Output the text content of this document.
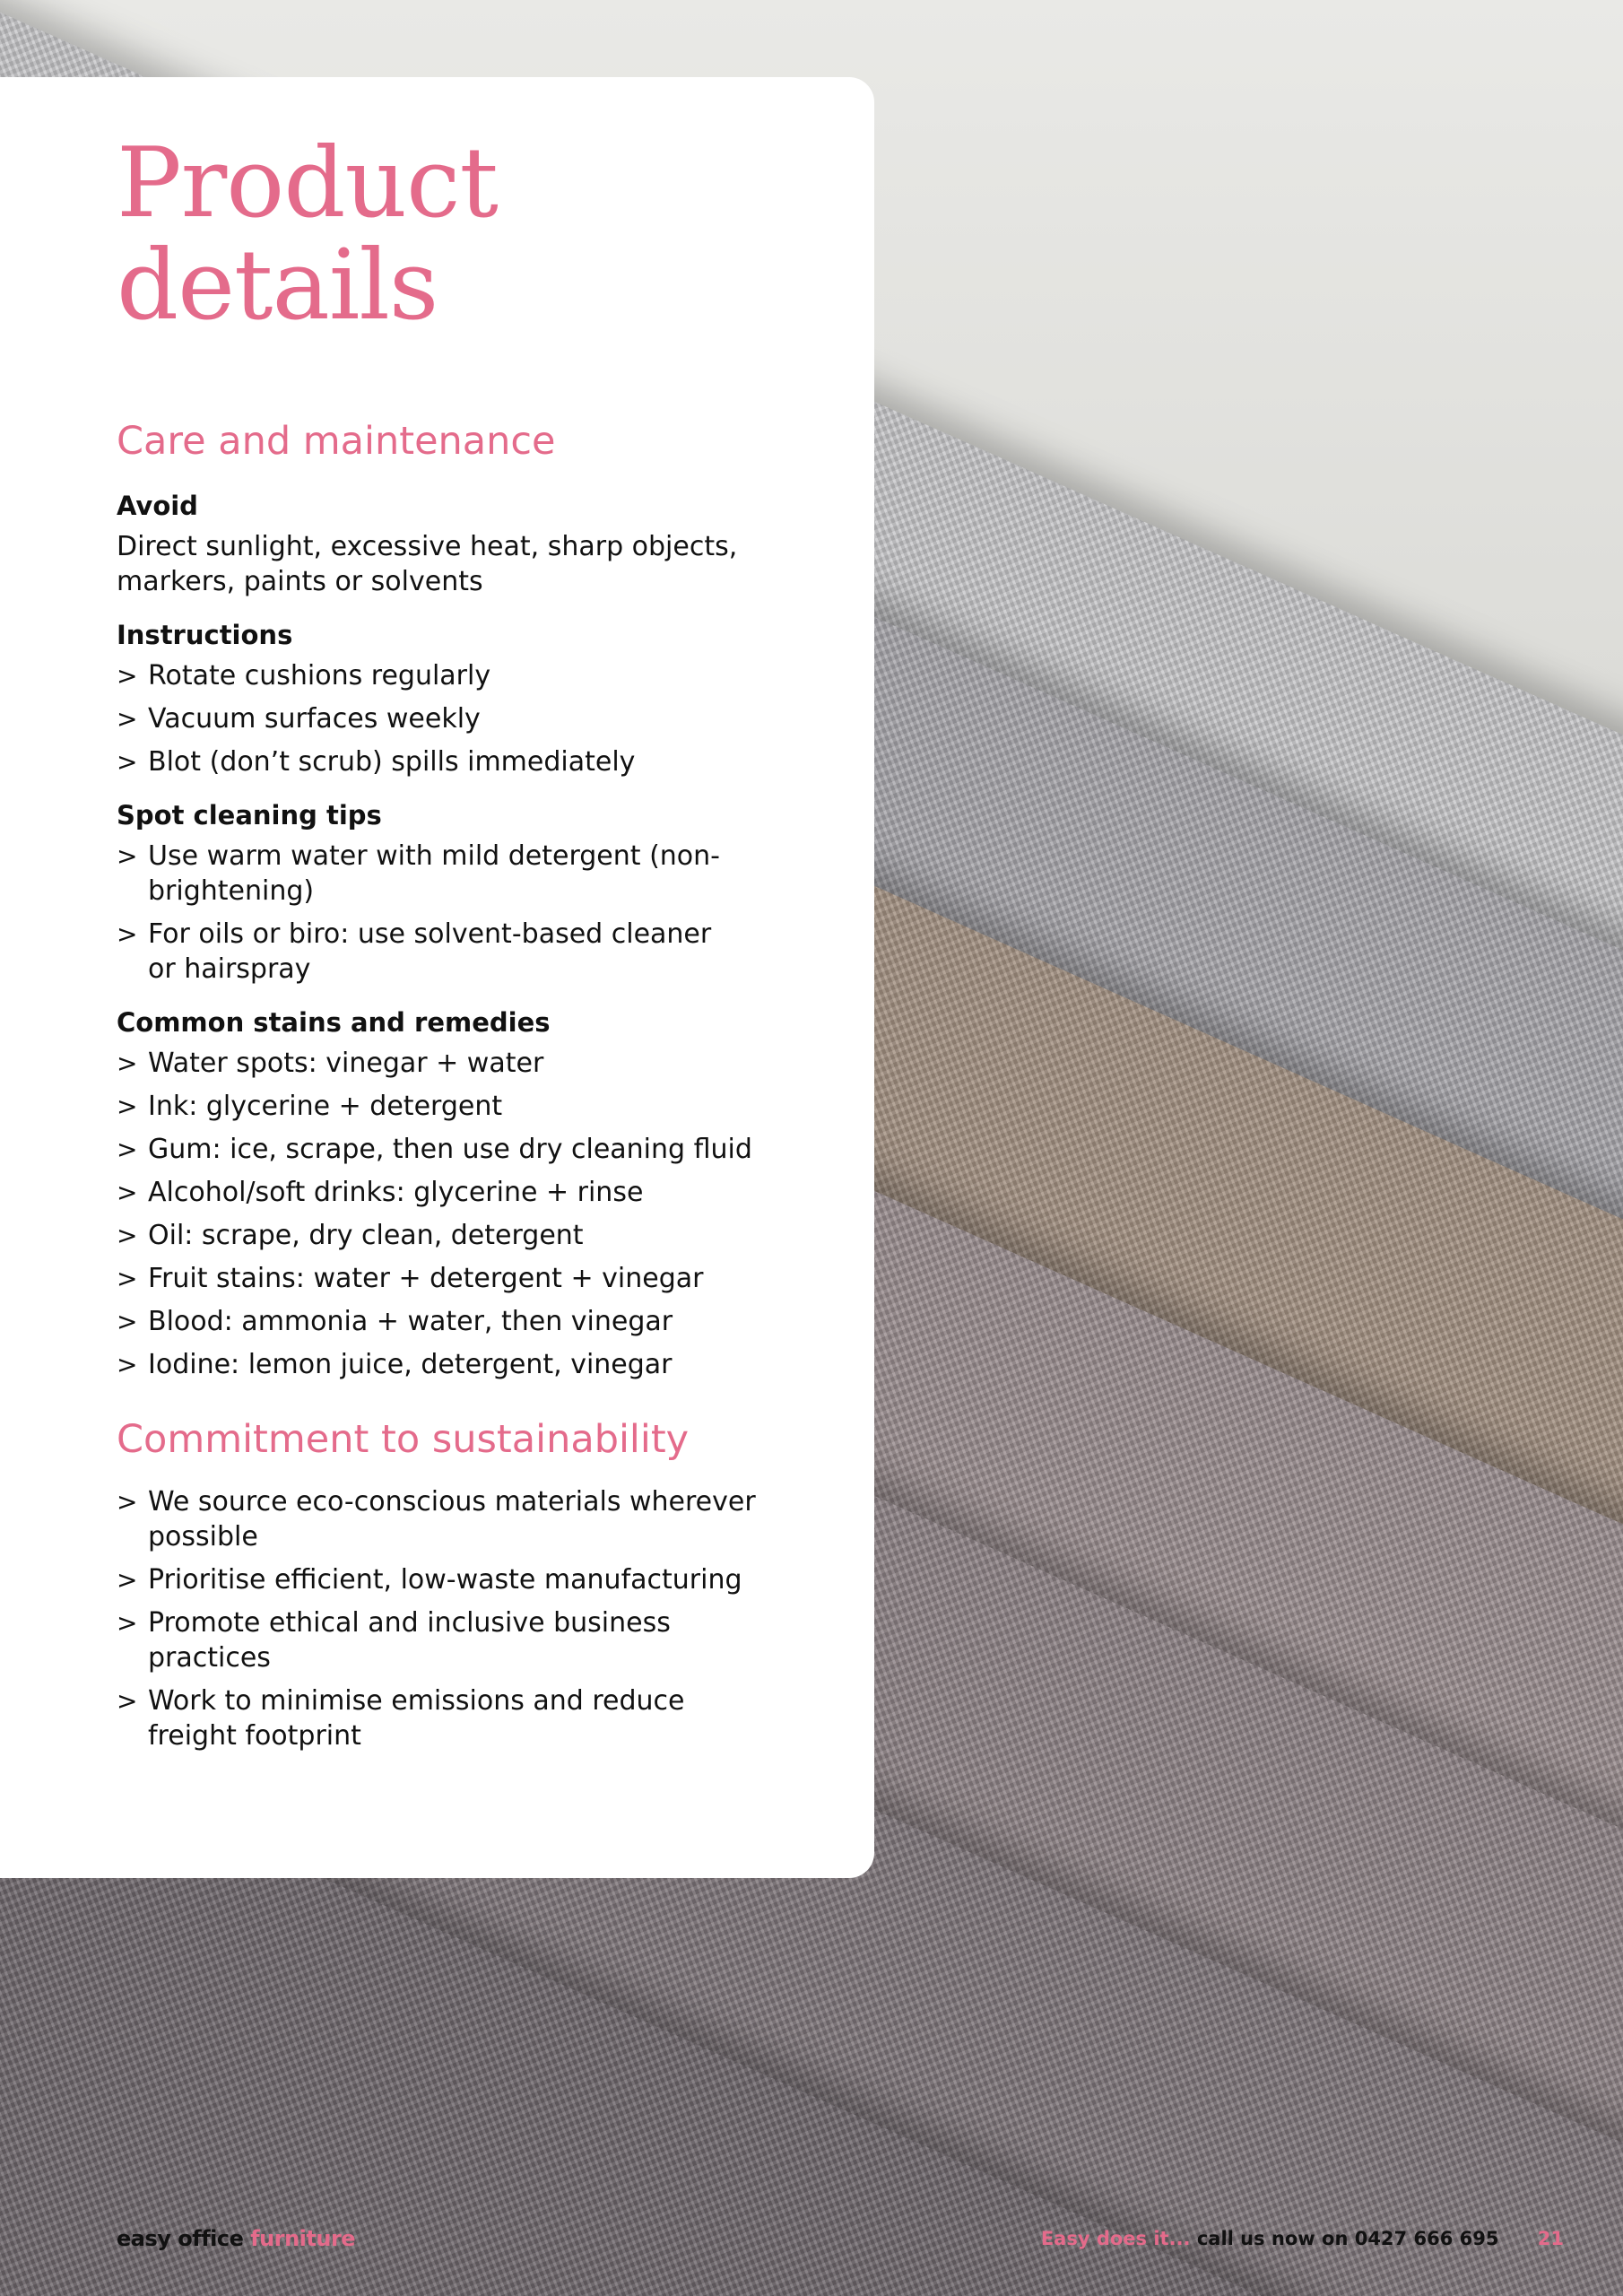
Product
details
Care and maintenance
Avoid

Direct sunlight, excessive heat, sharp objects, markers, paints or solvents

Instructions
> Rotate cushions regularly
> Vacuum surfaces weekly
> Blot (don’t scrub) spills immediately
Spot cleaning tips
> Use warm water with mild detergent (non-brightening)
> For oils or biro: use solvent-based cleaner or hairspray
Common stains and remedies
> Water spots: vinegar + water
> Ink: glycerine + detergent
> Gum: ice, scrape, then use dry cleaning fluid
> Alcohol/soft drinks: glycerine + rinse
> Oil: scrape, dry clean, detergent
> Fruit stains: water + detergent + vinegar
> Blood: ammonia + water, then vinegar
> Iodine: lemon juice, detergent, vinegar
Commitment to sustainability
> We source eco-conscious materials wherever possible
> Prioritise efficient, low-waste manufacturing
> Promote ethical and inclusive business practices
> Work to minimise emissions and reduce freight footprint
easy office furniture	Easy does it... call us now on 0427 666 695 21
